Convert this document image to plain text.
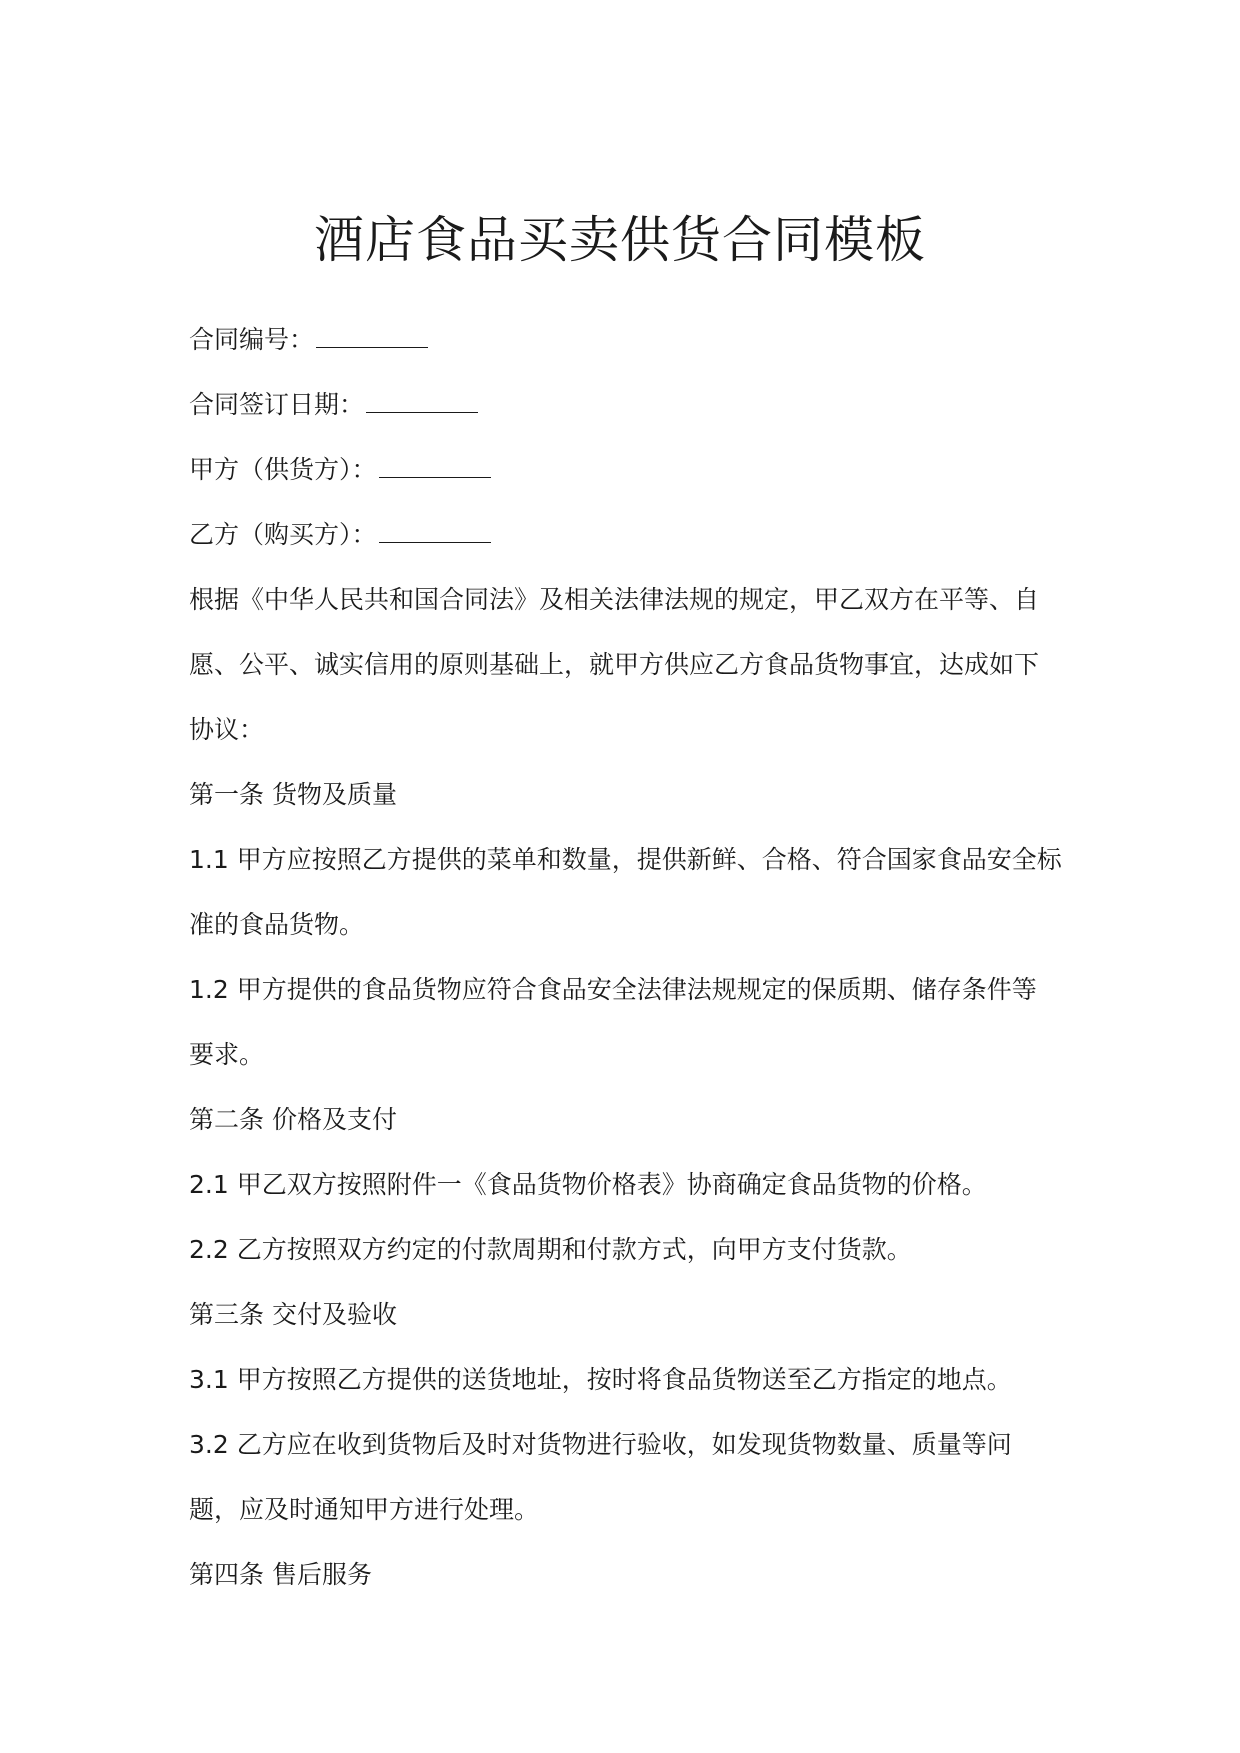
酒店食品买卖供货合同模板
合同编号：
合同签订日期：
甲方（供货方）：
乙方（购买方）：
根据《中华人民共和国合同法》及相关法律法规的规定，甲乙双方在平等、自
愿、公平、诚实信用的原则基础上，就甲方供应乙方食品货物事宜，达成如下
协议：
第一条 货物及质量
1.1 甲方应按照乙方提供的菜单和数量，提供新鲜、合格、符合国家食品安全标
准的食品货物。
1.2 甲方提供的食品货物应符合食品安全法律法规规定的保质期、储存条件等
要求。
第二条 价格及支付
2.1 甲乙双方按照附件一《食品货物价格表》协商确定食品货物的价格。
2.2 乙方按照双方约定的付款周期和付款方式，向甲方支付货款。
第三条 交付及验收
3.1 甲方按照乙方提供的送货地址，按时将食品货物送至乙方指定的地点。
3.2 乙方应在收到货物后及时对货物进行验收，如发现货物数量、质量等问
题，应及时通知甲方进行处理。
第四条 售后服务
